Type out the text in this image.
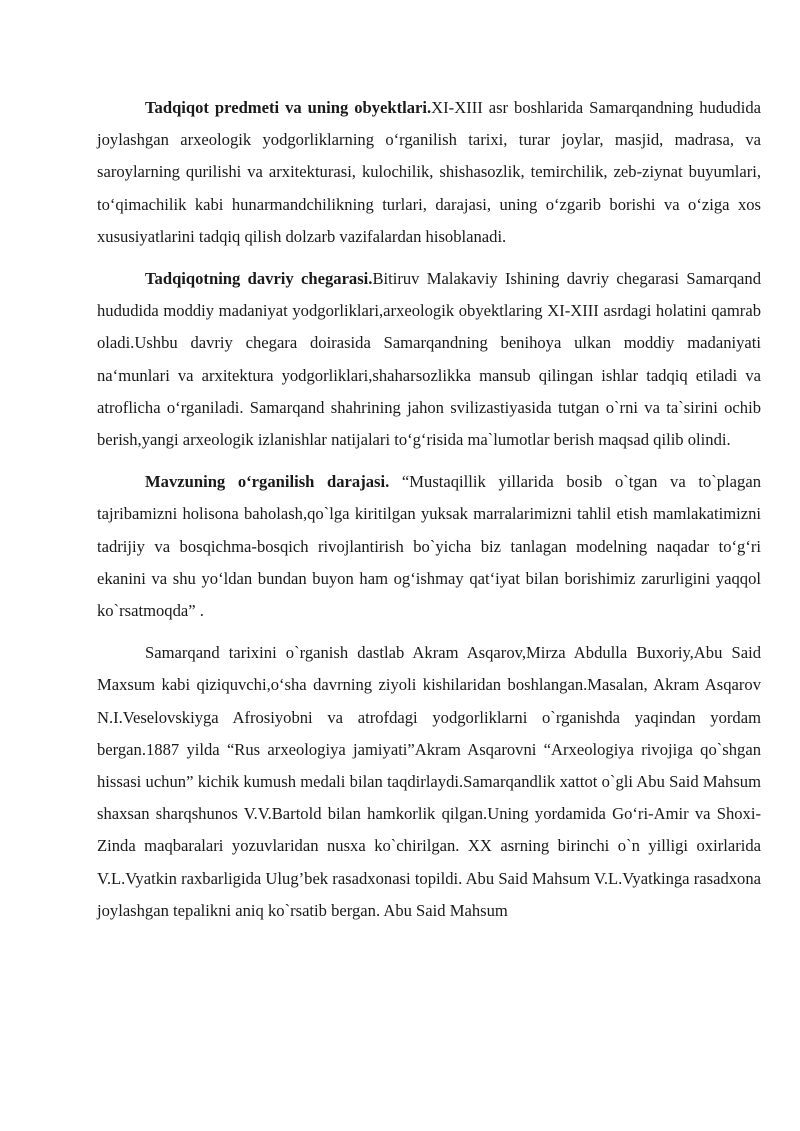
Tadqiqot predmeti va uning obyektlari.XI-XIII asr boshlarida Samarqandning hududida joylashgan arxeologik yodgorliklarning o‘rganilish tarixi, turar joylar, masjid, madrasa, va saroylarning qurilishi va arxitekturasi, kulochilik, shishasozlik, temirchilik, zeb-ziynat buyumlari, to‘qimachilik kabi hunarmandchilikning turlari, darajasi, uning o‘zgarib borishi va o‘ziga xos xususiyatlarini tadqiq qilish dolzarb vazifalardan hisoblanadi.

Tadqiqotning davriy chegarasi.Bitiruv Malakaviy Ishining davriy chegarasi Samarqand hududida moddiy madaniyat yodgorliklari,arxeologik obyektlaring XI-XIII asrdagi holatini qamrab oladi.Ushbu davriy chegara doirasida Samarqandning benihoya ulkan moddiy madaniyati na‘munlari va arxitektura yodgorliklari,shaharsozlikka mansub qilingan ishlar tadqiq etiladi va atroflicha o‘rganiladi. Samarqand shahrining jahon svilizastiyasida tutgan o`rni va ta`sirini ochib berish,yangi arxeologik izlanishlar natijalari to‘g‘risida ma`lumotlar berish maqsad qilib olindi.

Mavzuning o‘rganilish darajasi. “Mustaqillik yillarida bosib o`tgan va to`plagan tajribamizni holisona baholash,qo`lga kiritilgan yuksak marralarimizni tahlil etish mamlakatimizni tadrijiy va bosqichma-bosqich rivojlantirish bo`yicha biz tanlagan modelning naqadar to‘g‘ri ekanini va shu yo‘ldan bundan buyon ham og‘ishmay qat‘iyat bilan borishimiz zarurligini yaqqol ko`rsatmoqda” .

Samarqand tarixini o`rganish dastlab Akram Asqarov,Mirza Abdulla Buxoriy,Abu Said Maxsum kabi qiziquvchi,o‘sha davrning ziyoli kishilaridan boshlangan.Masalan, Akram Asqarov N.I.Veselovskiyga Afrosiyobni va atrofdagi yodgorliklarni o`rganishda yaqindan yordam bergan.1887 yilda “Rus arxeologiya jamiyati”Akram Asqarovni “Arxeologiya rivojiga qo`shgan hissasi uchun” kichik kumush medali bilan taqdirlaydi.Samarqandlik xattot o`gli Abu Said Mahsum shaxsan sharqshunos V.V.Bartold bilan hamkorlik qilgan.Uning yordamida Go‘ri-Amir va Shoxi-Zinda maqbaralari yozuvlaridan nusxa ko`chirilgan. XX asrning birinchi o`n yilligi oxirlarida V.L.Vyatkin raxbarligida Ulug’bek rasadxonasi topildi. Abu Said Mahsum V.L.Vyatkinga rasadxona joylashgan tepalikni aniq ko`rsatib bergan. Abu Said Mahsum
